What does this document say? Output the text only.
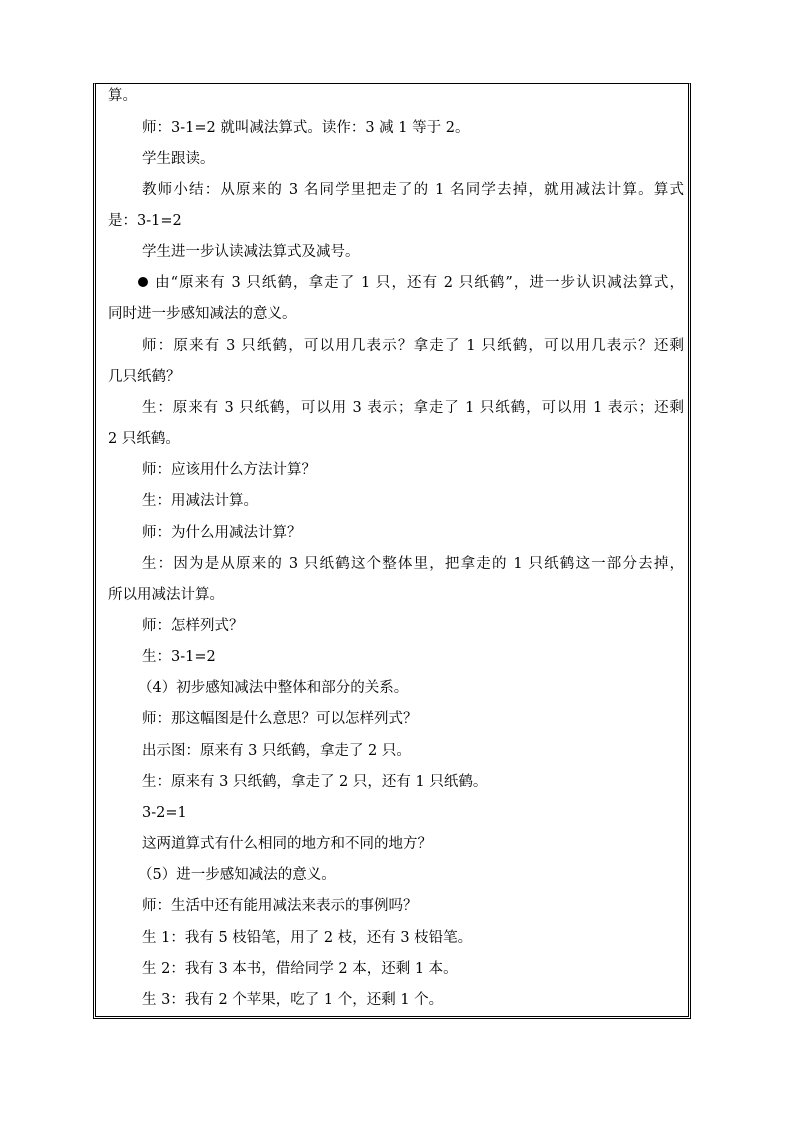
算。
师：3-1=2 就叫减法算式。读作：3 减 1 等于 2。
学生跟读。
教师小结：从原来的 3 名同学里把走了的 1 名同学去掉，就用减法计算。算式
是：3-1=2
学生进一步认读减法算式及减号。
由“原来有 3 只纸鹤，拿走了 1 只，还有 2 只纸鹤”，进一步认识减法算式，
同时进一步感知减法的意义。
师：原来有 3 只纸鹤，可以用几表示？拿走了 1 只纸鹤，可以用几表示？还剩
几只纸鹤？
生：原来有 3 只纸鹤，可以用 3 表示；拿走了 1 只纸鹤，可以用 1 表示；还剩
2 只纸鹤。
师：应该用什么方法计算？
生：用减法计算。
师：为什么用减法计算？
生：因为是从原来的 3 只纸鹤这个整体里，把拿走的 1 只纸鹤这一部分去掉，
所以用减法计算。
师：怎样列式？
生：3-1=2
（4）初步感知减法中整体和部分的关系。
师：那这幅图是什么意思？可以怎样列式？
出示图：原来有 3 只纸鹤，拿走了 2 只。
生：原来有 3 只纸鹤，拿走了 2 只，还有 1 只纸鹤。
3-2=1
这两道算式有什么相同的地方和不同的地方？
（5）进一步感知减法的意义。
师：生活中还有能用减法来表示的事例吗？
生 1：我有 5 枝铅笔，用了 2 枝，还有 3 枝铅笔。
生 2：我有 3 本书，借给同学 2 本，还剩 1 本。
生 3：我有 2 个苹果，吃了 1 个，还剩 1 个。
